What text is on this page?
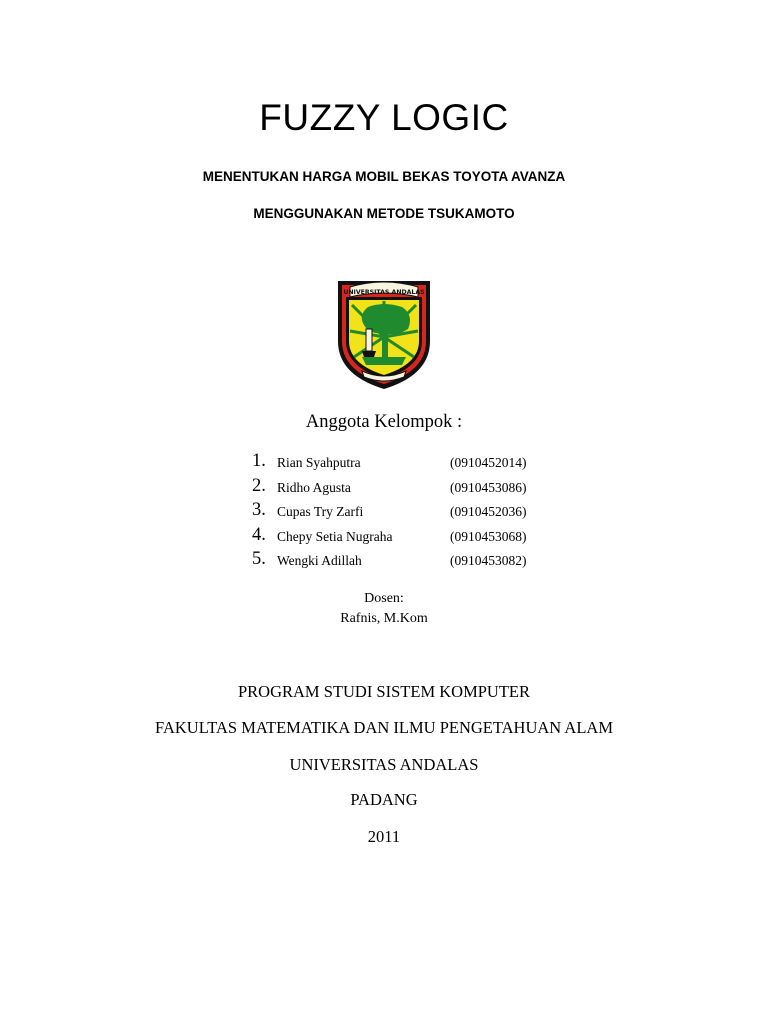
FUZZY LOGIC
MENENTUKAN HARGA MOBIL BEKAS TOYOTA AVANZA
MENGGUNAKAN METODE TSUKAMOTO
UNIVERSITAS ANDALAS
Anggota Kelompok :
1. Rian Syahputra	(0910452014)
2. Ridho Agusta	(0910453086)
3. Cupas Try Zarfi	(0910452036)
4. Chepy Setia Nugraha	(0910453068)
5. Wengki Adillah	(0910453082)
Dosen:
Rafnis, M.Kom
PROGRAM STUDI SISTEM KOMPUTER
FAKULTAS MATEMATIKA DAN ILMU PENGETAHUAN ALAM
UNIVERSITAS ANDALAS
PADANG
2011
